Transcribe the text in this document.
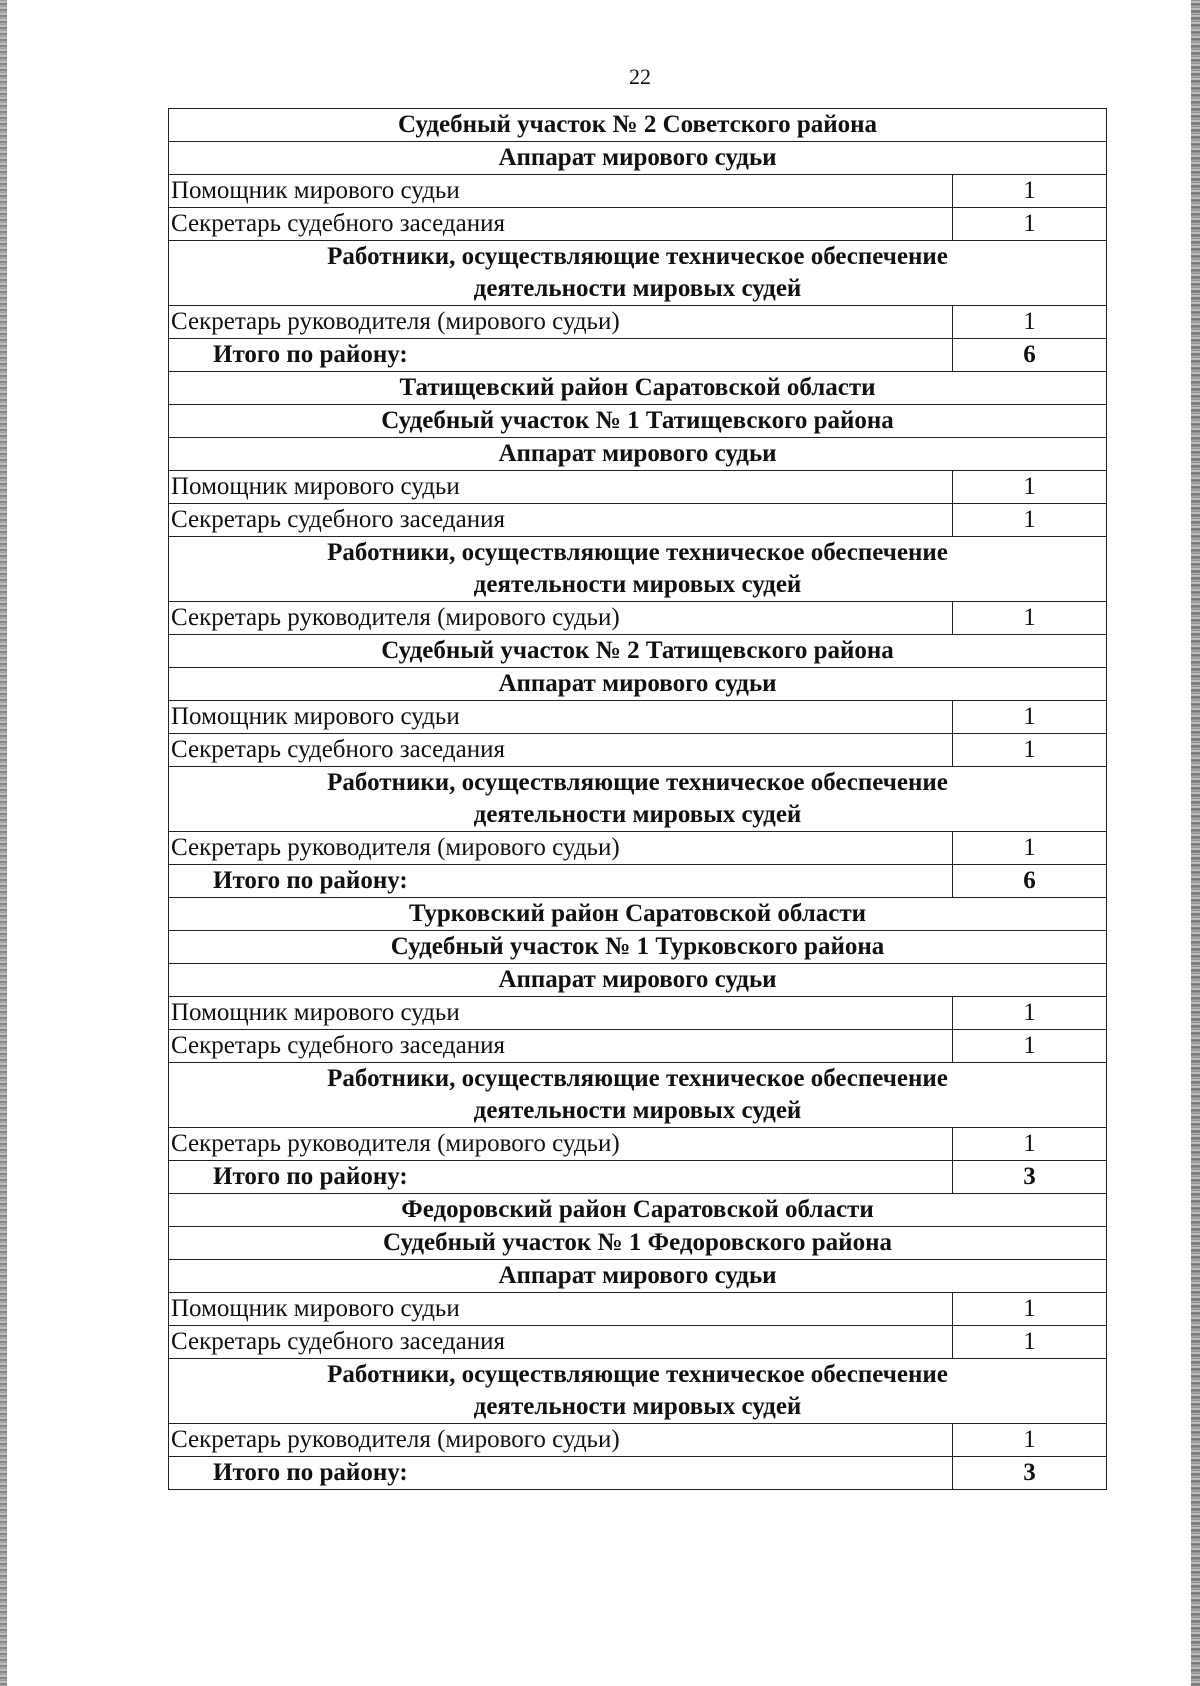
22
Судебный участок № 2 Советского района	
Аппарат мирового судьи	
Помощник мирового судьи	1
Секретарь судебного заседания	1

Работники, осуществляющие техническое обеспечение
деятельности мировых судей	

Секретарь руководителя (мирового судьи)	1
Итого по району:	6
Татищевский район Саратовской области	
Судебный участок № 1 Татищевского района	
Аппарат мирового судьи	
Помощник мирового судьи	1
Секретарь судебного заседания	1

Работники, осуществляющие техническое обеспечение
деятельности мировых судей	

Секретарь руководителя (мирового судьи)	1
Судебный участок № 2 Татищевского района	
Аппарат мирового судьи	
Помощник мирового судьи	1
Секретарь судебного заседания	1

Работники, осуществляющие техническое обеспечение
деятельности мировых судей	

Секретарь руководителя (мирового судьи)	1
Итого по району:	6
Турковский район Саратовской области	
Судебный участок № 1 Турковского района	
Аппарат мирового судьи	
Помощник мирового судьи	1
Секретарь судебного заседания	1

Работники, осуществляющие техническое обеспечение
деятельности мировых судей	

Секретарь руководителя (мирового судьи)	1
Итого по району:	3
Федоровский район Саратовской области	
Судебный участок № 1 Федоровского района	
Аппарат мирового судьи	
Помощник мирового судьи	1
Секретарь судебного заседания	1

Работники, осуществляющие техническое обеспечение
деятельности мировых судей	

Секретарь руководителя (мирового судьи)	1
Итого по району:	3
